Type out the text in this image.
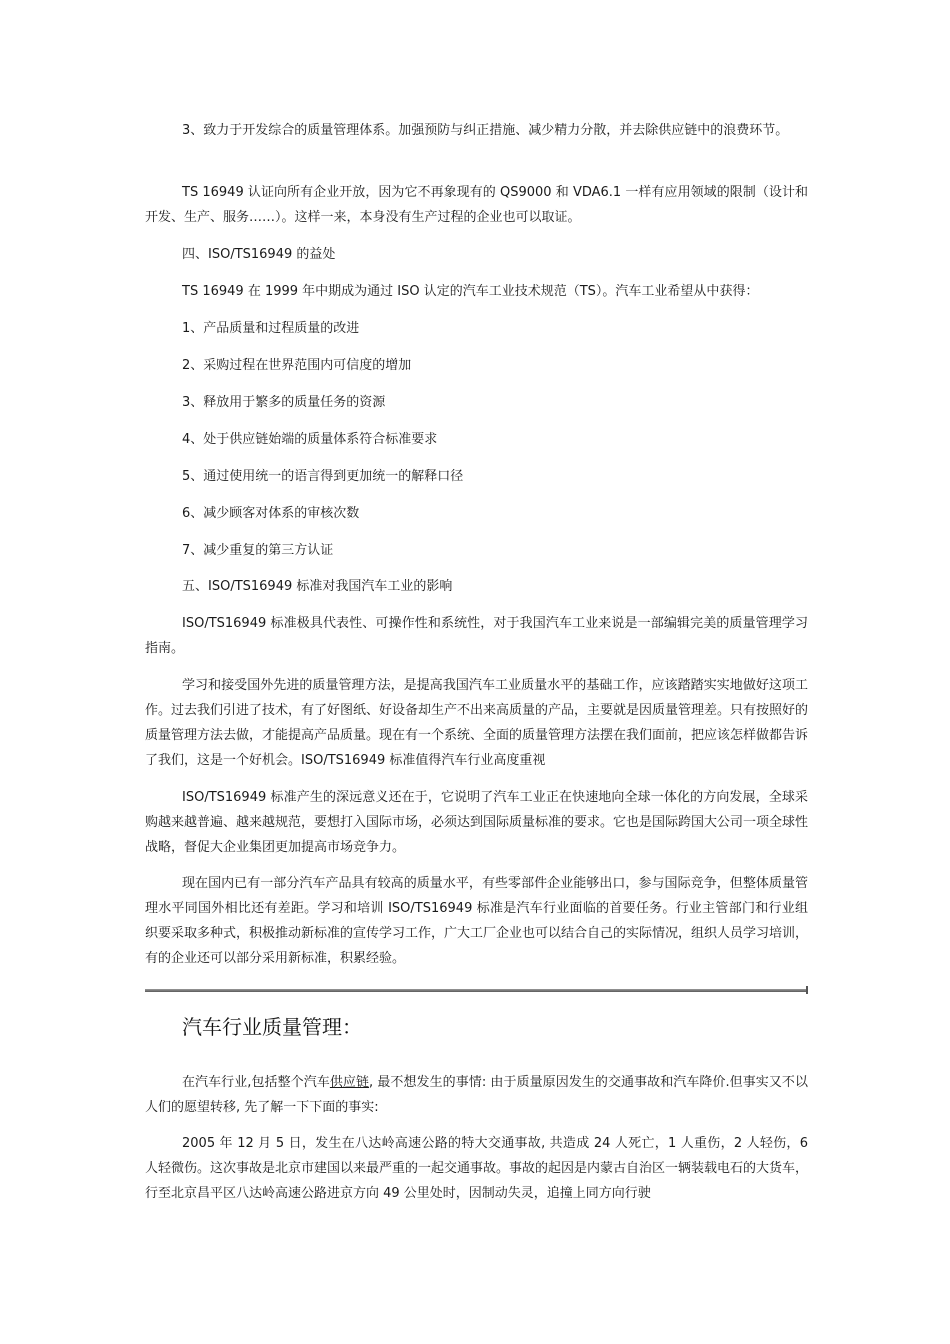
3、致力于开发综合的质量管理体系。加强预防与纠正措施、减少精力分散，并去除供应链中的浪费环节。
TS 16949 认证向所有企业开放，因为它不再象现有的 QS9000 和 VDA6.1 一样有应用领域的限制（设计和开发、生产、服务……）。这样一来，本身没有生产过程的企业也可以取证。
四、ISO/TS16949 的益处
TS 16949 在 1999 年中期成为通过 ISO 认定的汽车工业技术规范（TS）。汽车工业希望从中获得：
1、产品质量和过程质量的改进
2、采购过程在世界范围内可信度的增加
3、释放用于繁多的质量任务的资源
4、处于供应链始端的质量体系符合标准要求
5、通过使用统一的语言得到更加统一的解释口径
6、减少顾客对体系的审核次数
7、减少重复的第三方认证
五、ISO/TS16949 标准对我国汽车工业的影响
ISO/TS16949 标准极具代表性、可操作性和系统性，对于我国汽车工业来说是一部编辑完美的质量管理学习指南。
学习和接受国外先进的质量管理方法，是提高我国汽车工业质量水平的基础工作，应该踏踏实实地做好这项工作。过去我们引进了技术，有了好图纸、好设备却生产不出来高质量的产品，主要就是因质量管理差。只有按照好的质量管理方法去做，才能提高产品质量。现在有一个系统、全面的质量管理方法摆在我们面前，把应该怎样做都告诉了我们，这是一个好机会。ISO/TS16949 标准值得汽车行业高度重视
ISO/TS16949 标准产生的深远意义还在于，它说明了汽车工业正在快速地向全球一体化的方向发展，全球采购越来越普遍、越来越规范，要想打入国际市场，必须达到国际质量标准的要求。它也是国际跨国大公司一项全球性战略，督促大企业集团更加提高市场竞争力。
现在国内已有一部分汽车产品具有较高的质量水平，有些零部件企业能够出口，参与国际竞争，但整体质量管理水平同国外相比还有差距。学习和培训 ISO/TS16949 标准是汽车行业面临的首要任务。行业主管部门和行业组织要采取多种式，积极推动新标准的宣传学习工作，广大工厂企业也可以结合自己的实际情况，组织人员学习培训，有的企业还可以部分采用新标准，积累经验。
汽车行业质量管理：
在汽车行业,包括整个汽车供应链, 最不想发生的事情: 由于质量原因发生的交通事故和汽车降价.但事实又不以人们的愿望转移, 先了解一下下面的事实:
2005 年 12 月 5 日，发生在八达岭高速公路的特大交通事故, 共造成 24 人死亡，1 人重伤，2 人轻伤，6 人轻微伤。这次事故是北京市建国以来最严重的一起交通事故。事故的起因是内蒙古自治区一辆装载电石的大货车，行至北京昌平区八达岭高速公路进京方向 49 公里处时，因制动失灵，追撞上同方向行驶
